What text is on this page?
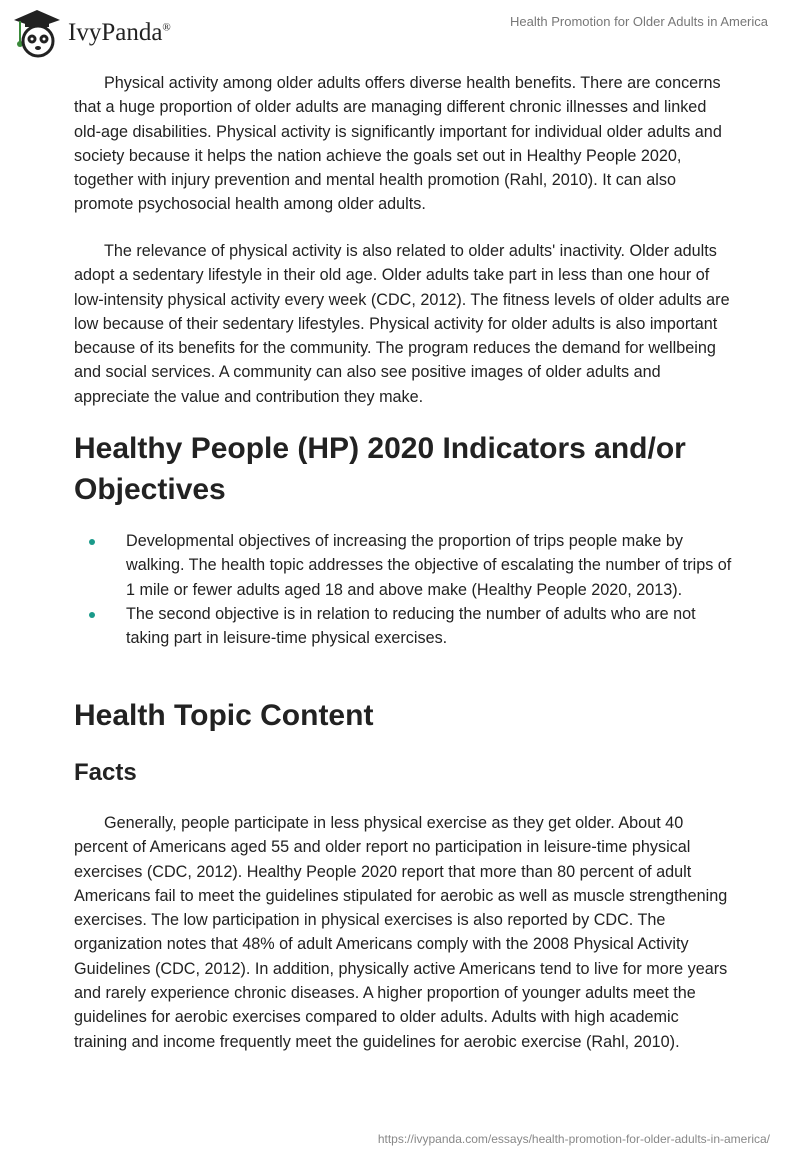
IvyPanda®	Health Promotion for Older Adults in America

Physical activity among older adults offers diverse health benefits. There are concerns that a huge proportion of older adults are managing different chronic illnesses and linked old-age disabilities. Physical activity is significantly important for individual older adults and society because it helps the nation achieve the goals set out in Healthy People 2020, together with injury prevention and mental health promotion (Rahl, 2010). It can also promote psychosocial health among older adults.

The relevance of physical activity is also related to older adults' inactivity. Older adults adopt a sedentary lifestyle in their old age. Older adults take part in less than one hour of low-intensity physical activity every week (CDC, 2012). The fitness levels of older adults are low because of their sedentary lifestyles. Physical activity for older adults is also important because of its benefits for the community. The program reduces the demand for wellbeing and social services. A community can also see positive images of older adults and appreciate the value and contribution they make.

Healthy People (HP) 2020 Indicators and/or Objectives
Developmental objectives of increasing the proportion of trips people make by walking. The health topic addresses the objective of escalating the number of trips of 1 mile or fewer adults aged 18 and above make (Healthy People 2020, 2013).
The second objective is in relation to reducing the number of adults who are not taking part in leisure-time physical exercises.
Health Topic Content
Facts

Generally, people participate in less physical exercise as they get older. About 40 percent of Americans aged 55 and older report no participation in leisure-time physical exercises (CDC, 2012). Healthy People 2020 report that more than 80 percent of adult Americans fail to meet the guidelines stipulated for aerobic as well as muscle strengthening exercises. The low participation in physical exercises is also reported by CDC. The organization notes that 48% of adult Americans comply with the 2008 Physical Activity Guidelines (CDC, 2012). In addition, physically active Americans tend to live for more years and rarely experience chronic diseases. A higher proportion of younger adults meet the guidelines for aerobic exercises compared to older adults. Adults with high academic training and income frequently meet the guidelines for aerobic exercise (Rahl, 2010).

https://ivypanda.com/essays/health-promotion-for-older-adults-in-america/
